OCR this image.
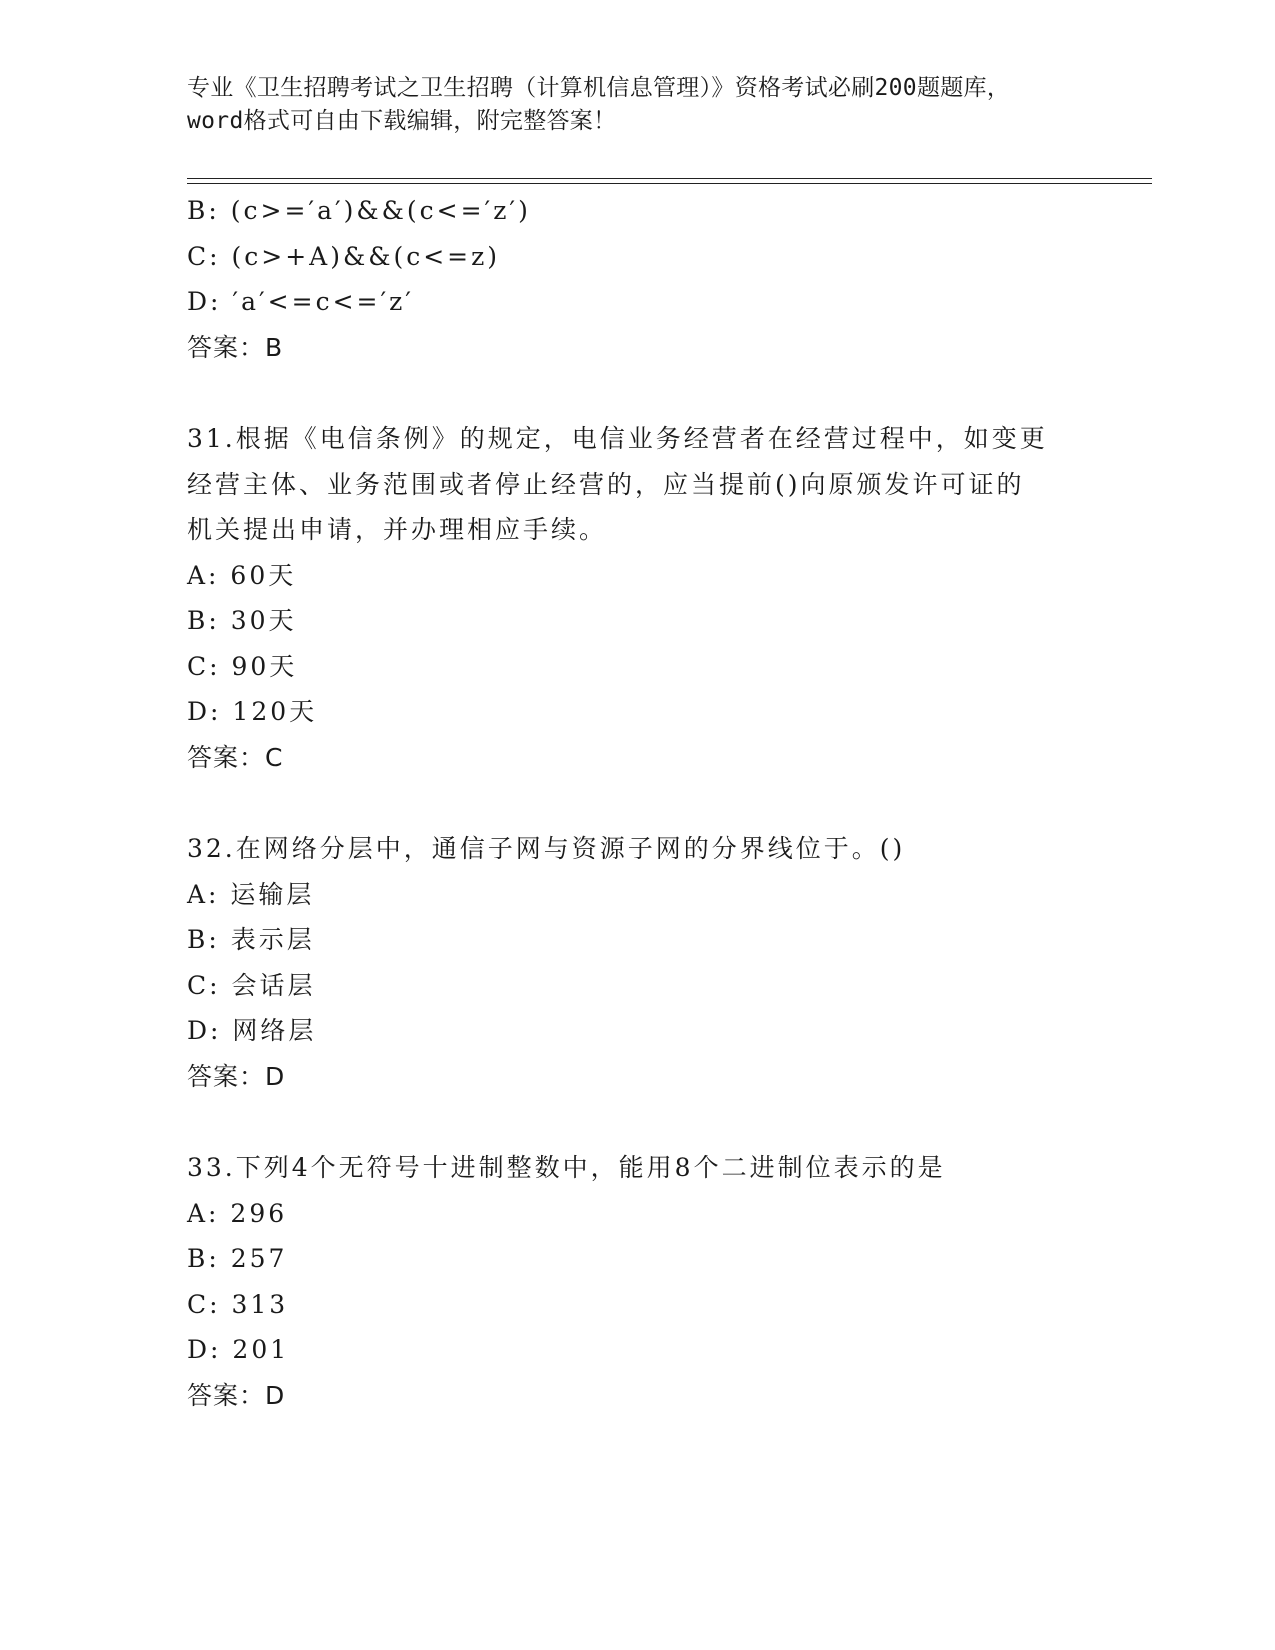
专业《卫生招聘考试之卫生招聘（计算机信息管理）》资格考试必刷200题题库，
word格式可自由下载编辑，附完整答案！
B: (c>=′a′)&&(c<=′z′)
C: (c>+A)&&(c<=z)
D: ′a′<=c<=′z′
答案：B
31.根据《电信条例》的规定，电信业务经营者在经营过程中，如变更
经营主体、业务范围或者停止经营的，应当提前()向原颁发许可证的
机关提出申请，并办理相应手续。
A: 60天
B: 30天
C: 90天
D: 120天
答案：C
32.在网络分层中，通信子网与资源子网的分界线位于。()
A: 运输层
B: 表示层
C: 会话层
D: 网络层
答案：D
33.下列4个无符号十进制整数中，能用8个二进制位表示的是
A: 296
B: 257
C: 313
D: 201
答案：D
